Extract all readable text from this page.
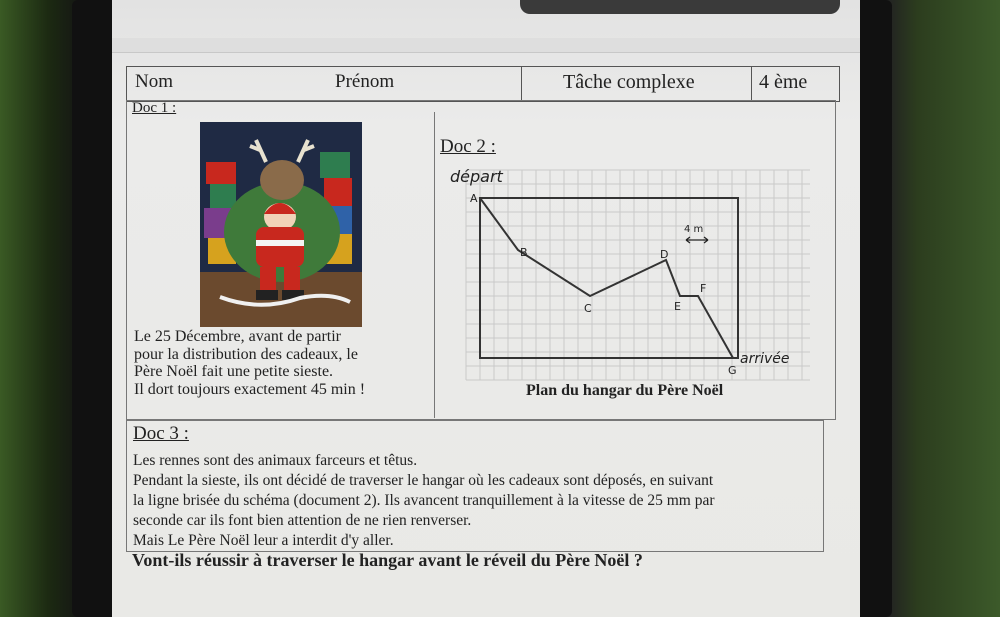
Nom	Prénom	Tâche complexe	4 ème
Doc 1 :
Le 25 Décembre, avant de partir
pour la distribution des cadeaux, le
Père Noël fait une petite sieste.
Il dort toujours exactement 45 min !
Doc 2 :
départ
A
B
C
D
E
F
G
4 m
arrivée
Plan du hangar du Père Noël
Doc 3 :
Les rennes sont des animaux farceurs et têtus.
Pendant la sieste, ils ont décidé de traverser le hangar où les cadeaux sont déposés, en suivant
la ligne brisée du schéma (document 2). Ils avancent tranquillement à la vitesse de 25 mm par
seconde car ils font bien attention de ne rien renverser.
Mais Le Père Noël leur a interdit d'y aller.
Vont-ils réussir à traverser le hangar avant le réveil du Père Noël ?
